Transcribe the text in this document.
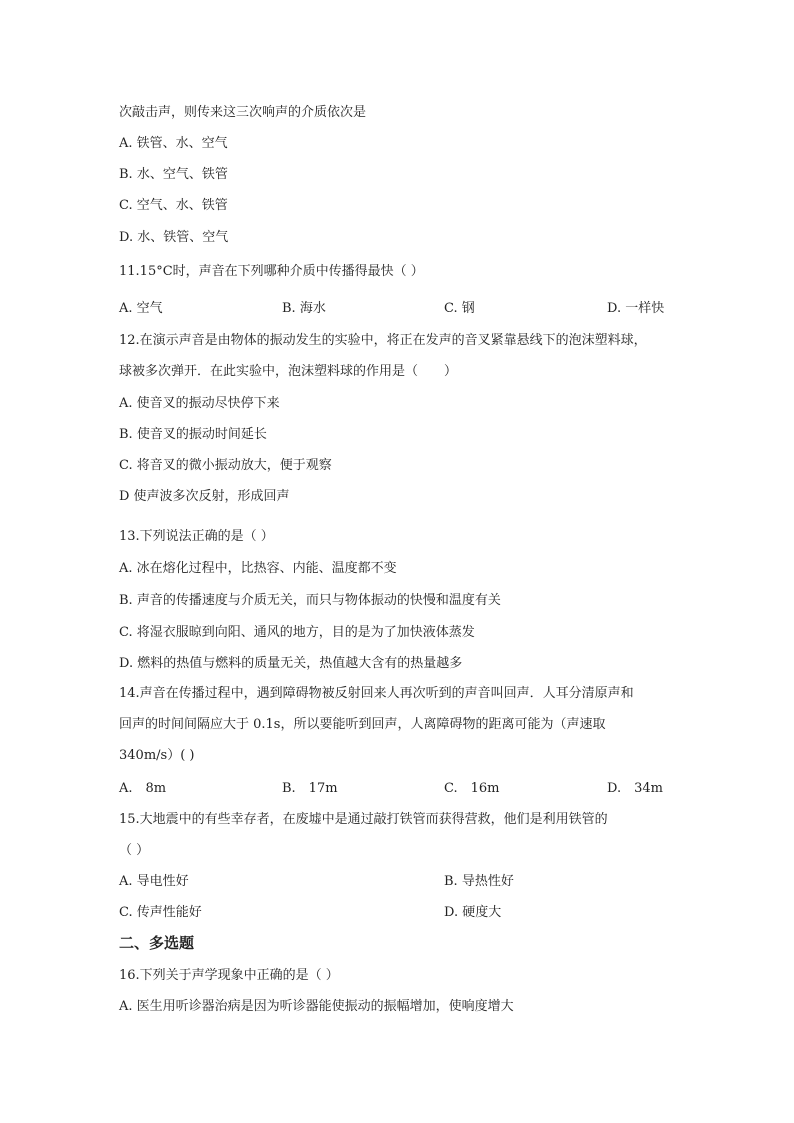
次敲击声，则传来这三次响声的介质依次是
A. 铁管、水、空气
B. 水、空气、铁管
C. 空气、水、铁管
D. 水、铁管、空气
11.15°C时，声音在下列哪种介质中传播得最快（ ）
A. 空气	B. 海水	C. 钢	D. 一样快
12.在演示声音是由物体的振动发生的实验中，将正在发声的音叉紧靠悬线下的泡沫塑料球，
球被多次弹开．在此实验中，泡沫塑料球的作用是（　　）
A. 使音叉的振动尽快停下来
B. 使音叉的振动时间延长
C. 将音叉的微小振动放大，便于观察
D 使声波多次反射，形成回声
13.下列说法正确的是（ ）
A. 冰在熔化过程中，比热容、内能、温度都不变
B. 声音的传播速度与介质无关，而只与物体振动的快慢和温度有关
C. 将湿衣服晾到向阳、通风的地方，目的是为了加快液体蒸发
D. 燃料的热值与燃料的质量无关，热值越大含有的热量越多
14.声音在传播过程中，遇到障碍物被反射回来人再次听到的声音叫回声．人耳分清原声和
回声的时间间隔应大于 0.1s，所以要能听到回声，人离障碍物的距离可能为（声速取
340m/s）( )
A.　8m	B.　17m	C.　16m	D.　34m
15.大地震中的有些幸存者，在废墟中是通过敲打铁管而获得营救，他们是利用铁管的
（ ）
A. 导电性好	B. 导热性好
C. 传声性能好	D. 硬度大
二、多选题
16.下列关于声学现象中正确的是（ ）
A. 医生用听诊器治病是因为听诊器能使振动的振幅增加，使响度增大
